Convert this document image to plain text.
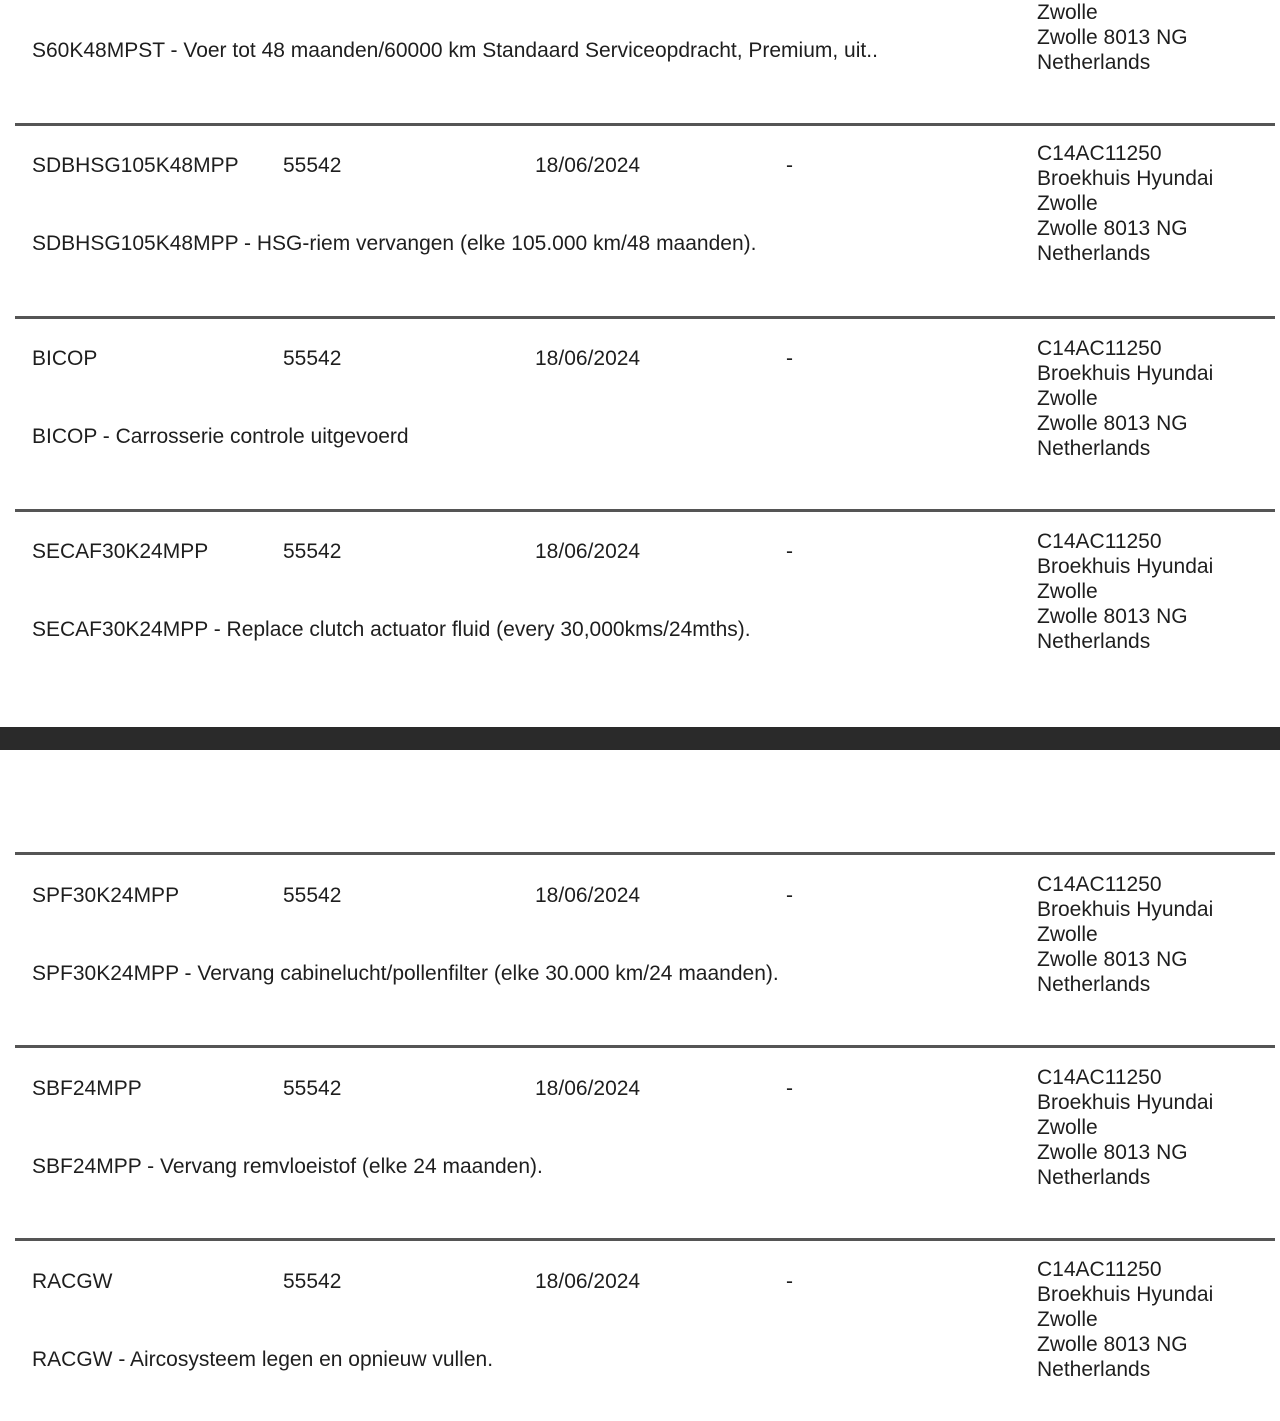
S60K48MPST - Voer tot 48 maanden/60000 km Standaard Serviceopdracht, Premium, uit..
Zwolle
Zwolle 8013 NG
Netherlands
SDBHSG105K48MPP 55542	18/06/2024	-
SDBHSG105K48MPP - HSG-riem vervangen (elke 105.000 km/48 maanden).
C14AC11250
Broekhuis Hyundai
Zwolle
Zwolle 8013 NG
Netherlands
BICOP	55542	18/06/2024	-
BICOP - Carrosserie controle uitgevoerd
C14AC11250
Broekhuis Hyundai
Zwolle
Zwolle 8013 NG
Netherlands
SECAF30K24MPP	55542	18/06/2024	-
SECAF30K24MPP - Replace clutch actuator fluid (every 30,000kms/24mths).
C14AC11250
Broekhuis Hyundai
Zwolle
Zwolle 8013 NG
Netherlands
SPF30K24MPP	55542	18/06/2024	-
SPF30K24MPP - Vervang cabinelucht/pollenfilter (elke 30.000 km/24 maanden).
C14AC11250
Broekhuis Hyundai
Zwolle
Zwolle 8013 NG
Netherlands
SBF24MPP	55542	18/06/2024	-
SBF24MPP - Vervang remvloeistof (elke 24 maanden).
C14AC11250
Broekhuis Hyundai
Zwolle
Zwolle 8013 NG
Netherlands
RACGW	55542	18/06/2024	-
RACGW - Aircosysteem legen en opnieuw vullen.
C14AC11250
Broekhuis Hyundai
Zwolle
Zwolle 8013 NG
Netherlands
